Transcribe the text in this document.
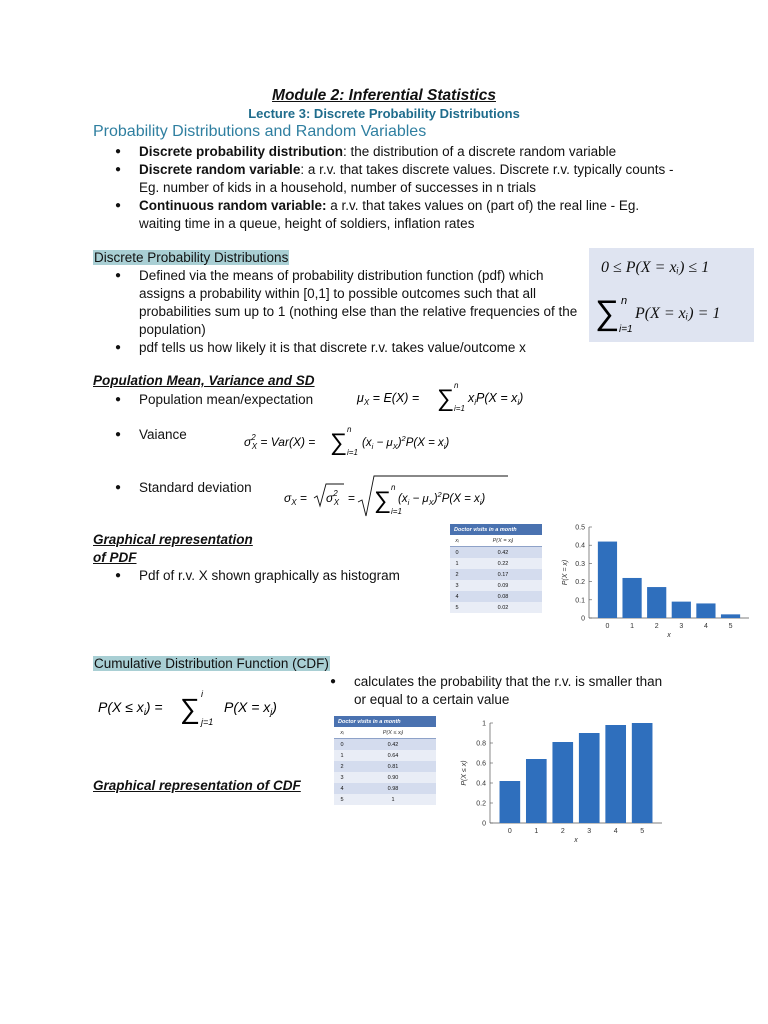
Module 2: Inferential Statistics
Lecture 3: Discrete Probability Distributions
Probability Distributions and Random Variables
● Discrete probability distribution: the distribution of a discrete random variable
● Discrete random variable: a r.v. that takes discrete values. Discrete r.v. typically counts - Eg. number of kids in a household, number of successes in n trials
● Continuous random variable: a r.v. that takes values on (part of) the real line - Eg. waiting time in a queue, height of soldiers, inflation rates
Discrete Probability Distributions
● Defined via the means of probability distribution function (pdf) which assigns a probability within [0,1] to possible outcomes such that all probabilities sum up to 1 (nothing else than the relative frequencies of the population)
● pdf tells us how likely it is that discrete r.v. takes value/outcome x
0 ≤ P(X = xᵢ) ≤ 1
∑ n
i=1
P(X = xᵢ) = 1
Population Mean, Variance and SD
● Population mean/expectation	$\mu_X = E(X)$ = ∑ n
i=1
$x_iP(X = x_i)$
● Vaiance	$\sigma^2$ X = Var(X) = ∑ n
i=1
$(x_i - \mu_X)^2P(X = x_i)$
● Standard deviation
$\sigma_X = \sigma^2$ X = ∑ n
i=1
$(x_i - \mu_X)^2P(X = x_i)$
Graphical representation
of PDF
● Pdf of r.v. X shown graphically as histogram
Doctor visits in a month	
xᵢ	P(X = xᵢ)
0	0.42
1	0.22
2	0.17
3	0.09
4	0.08
5	0.02
0
0.1
0.2
0.3
0.4
0.5
0	1	2	3	4	5
x
P(X = x)
Cumulative Distribution Function (CDF)
● calculates the probability that the r.v. is smaller than or equal to a certain value
$P(X \le x_i)$ = ∑ i
j=1
$P(X = x_j)$
Graphical representation of CDF
Doctor visits in a month	
xᵢ	P(X ≤ xᵢ)
0	0.42
1	0.64
2	0.81
3	0.90
4	0.98
5	1
0
0.2
0.4
0.6
0.8
1
0	1	2	3	4	5
x
P(X ≤ x)
